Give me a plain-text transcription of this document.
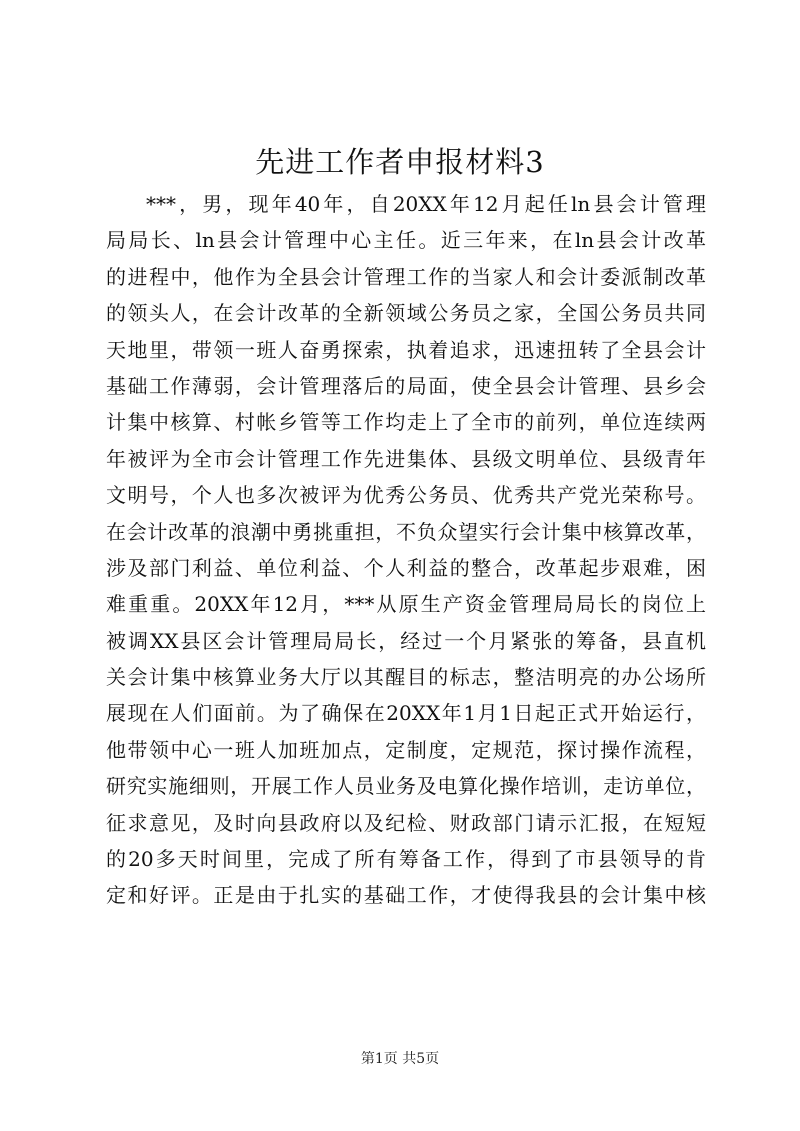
先进工作者申报材料3
***，男，现年40年，自20XX年12月起任ln县会计管理
局局长、ln县会计管理中心主任。近三年来，在ln县会计改革
的进程中，他作为全县会计管理工作的当家人和会计委派制改革
的领头人，在会计改革的全新领域公务员之家，全国公务员共同
天地里，带领一班人奋勇探索，执着追求，迅速扭转了全县会计
基础工作薄弱，会计管理落后的局面，使全县会计管理、县乡会
计集中核算、村帐乡管等工作均走上了全市的前列，单位连续两
年被评为全市会计管理工作先进集体、县级文明单位、县级青年
文明号，个人也多次被评为优秀公务员、优秀共产党光荣称号。
在会计改革的浪潮中勇挑重担，不负众望实行会计集中核算改革，
涉及部门利益、单位利益、个人利益的整合，改革起步艰难，困
难重重。20XX年12月，***从原生产资金管理局局长的岗位上
被调XX县区会计管理局局长，经过一个月紧张的筹备，县直机
关会计集中核算业务大厅以其醒目的标志，整洁明亮的办公场所
展现在人们面前。为了确保在20XX年1月1日起正式开始运行，
他带领中心一班人加班加点，定制度，定规范，探讨操作流程，
研究实施细则，开展工作人员业务及电算化操作培训，走访单位，
征求意见，及时向县政府以及纪检、财政部门请示汇报，在短短
的20多天时间里，完成了所有筹备工作，得到了市县领导的肯
定和好评。正是由于扎实的基础工作，才使得我县的会计集中核
第1页 共5页
